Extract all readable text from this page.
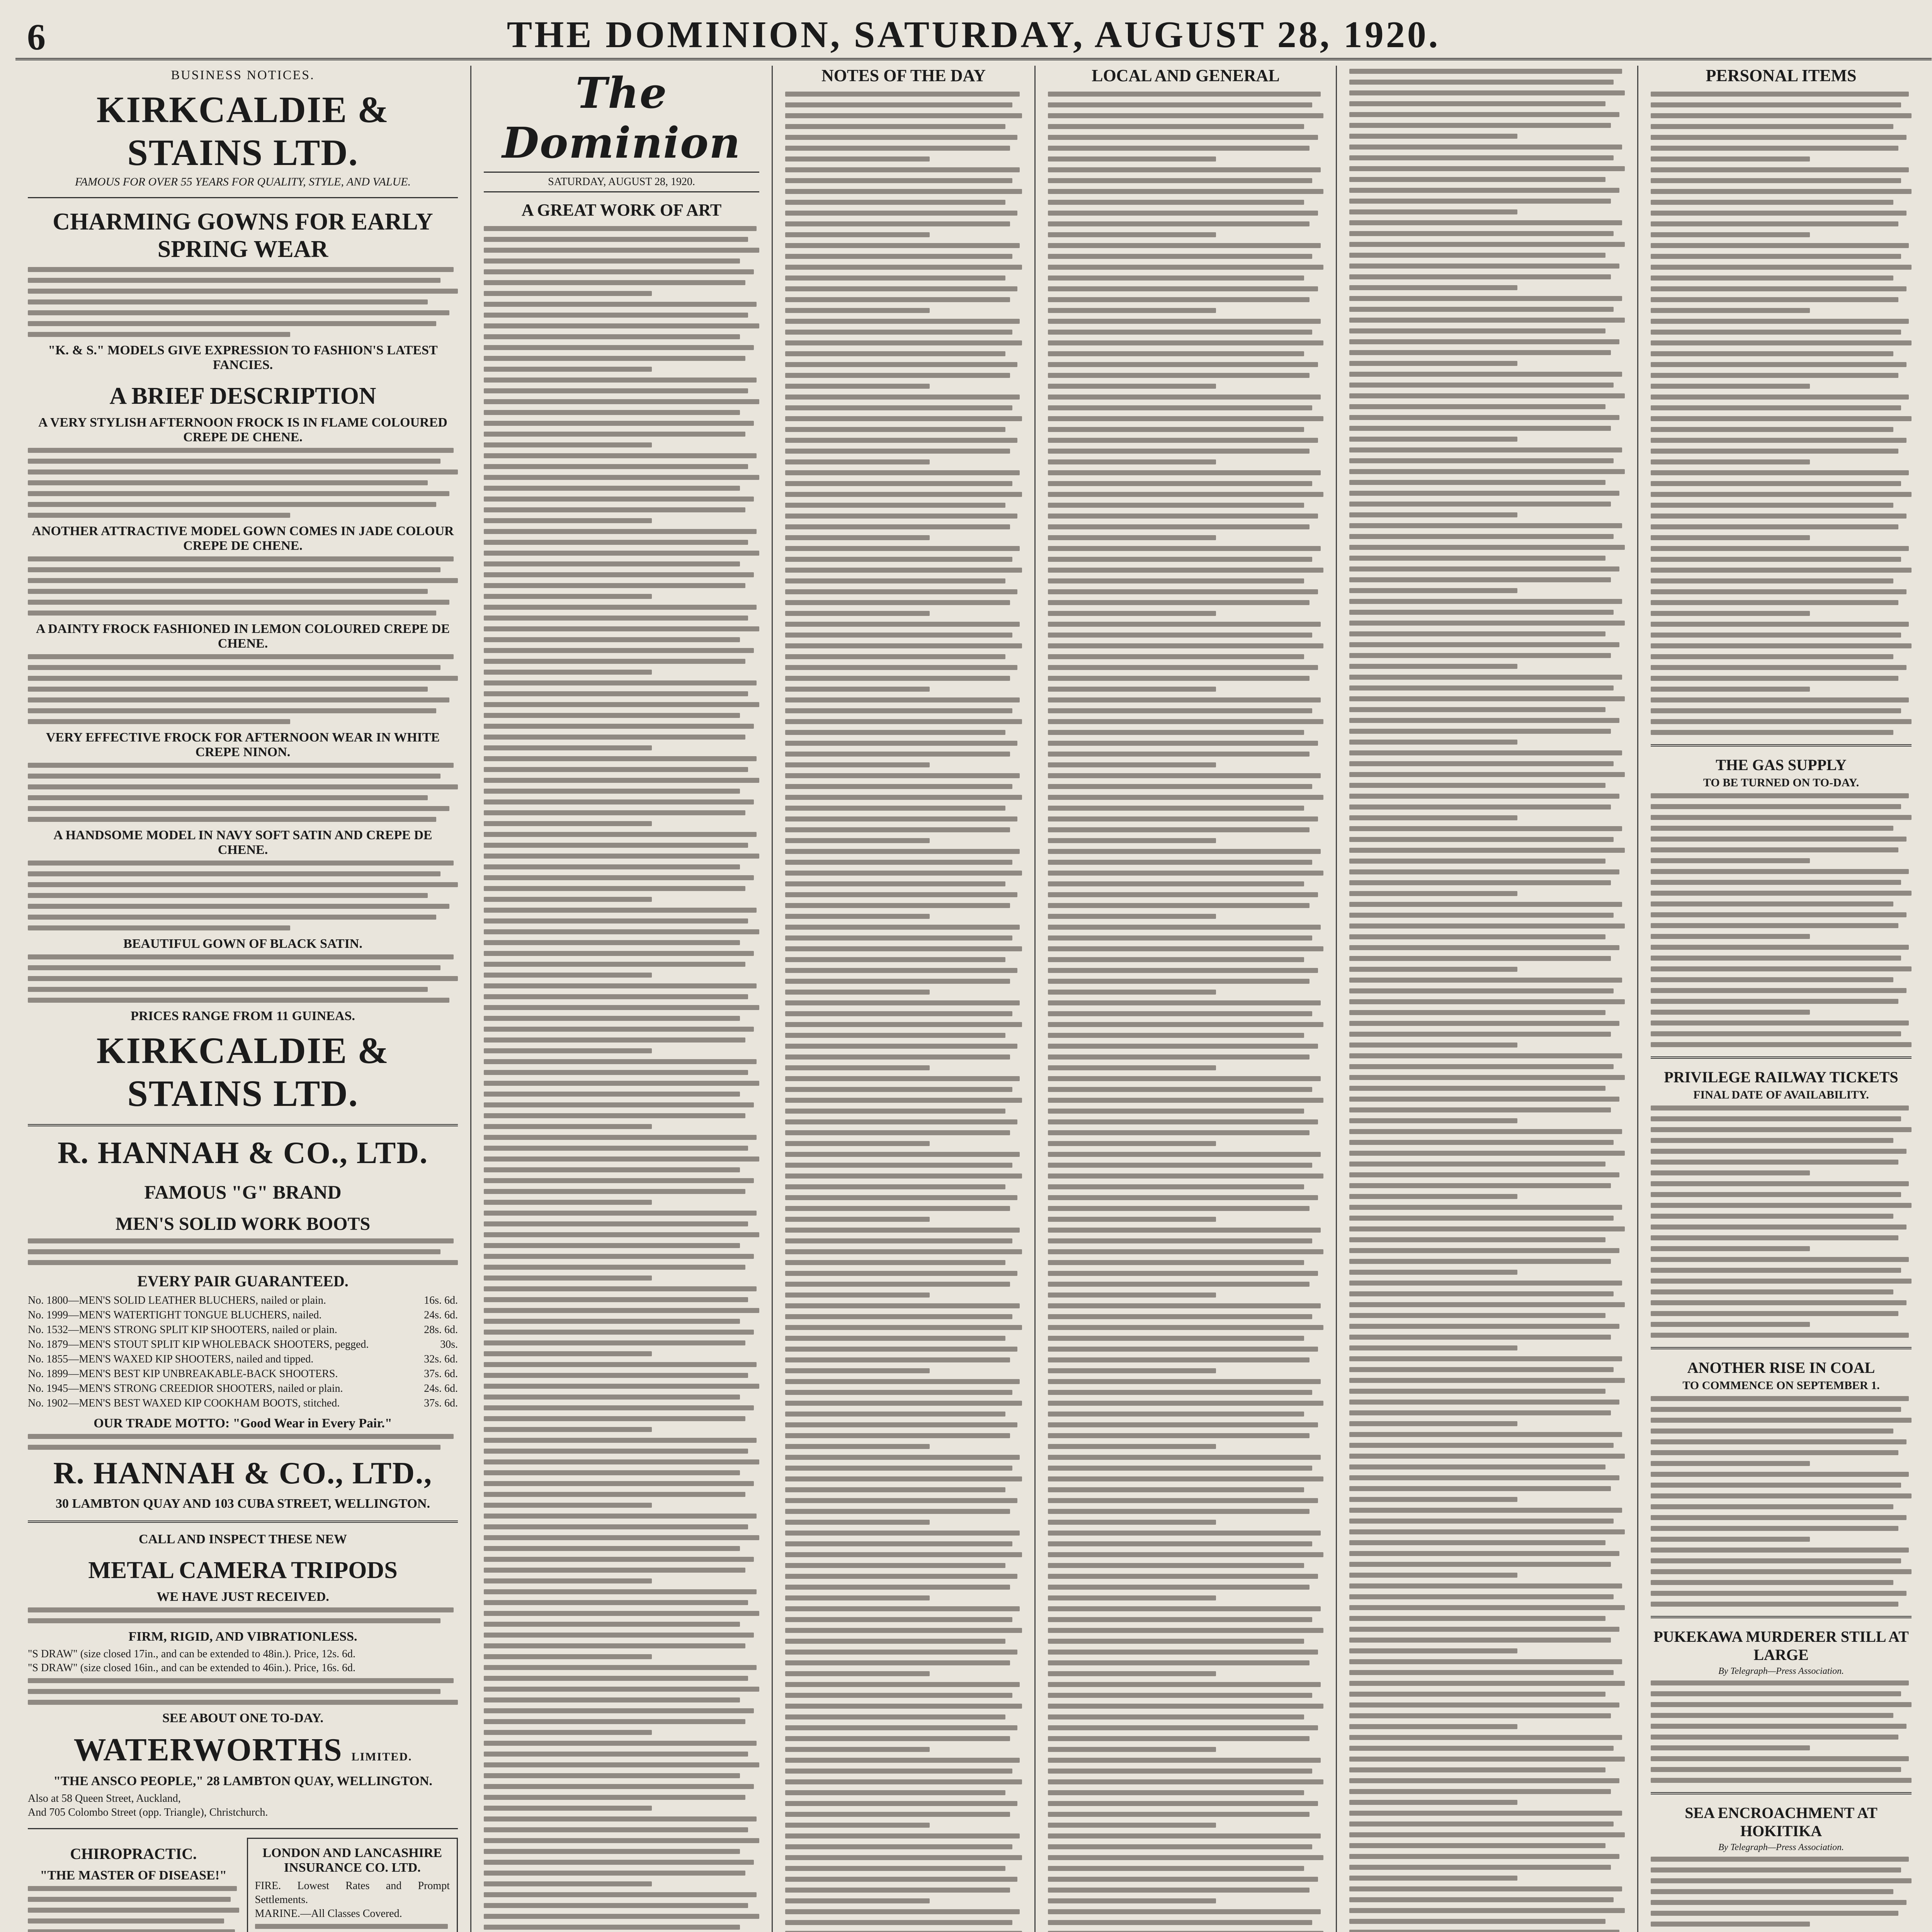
6	THE DOMINION, SATURDAY, AUGUST 28, 1920.
BUSINESS NOTICES.
KIRKCALDIE & STAINS LTD.
FAMOUS FOR OVER 55 YEARS FOR QUALITY, STYLE, AND VALUE.
CHARMING GOWNS FOR EARLY SPRING WEAR
"K. & S." MODELS GIVE EXPRESSION TO FASHION'S LATEST FANCIES.
A BRIEF DESCRIPTION
A VERY STYLISH AFTERNOON FROCK IS IN FLAME COLOURED CREPE DE CHENE.
ANOTHER ATTRACTIVE MODEL GOWN COMES IN JADE COLOUR CREPE DE CHENE.
A DAINTY FROCK FASHIONED IN LEMON COLOURED CREPE DE CHENE.
VERY EFFECTIVE FROCK FOR AFTERNOON WEAR IN WHITE CREPE NINON.
A HANDSOME MODEL IN NAVY SOFT SATIN AND CREPE DE CHENE.
BEAUTIFUL GOWN OF BLACK SATIN.
PRICES RANGE FROM 11 GUINEAS.
KIRKCALDIE & STAINS LTD.
R. HANNAH & CO., LTD.
FAMOUS "G" BRAND
MEN'S SOLID WORK BOOTS
EVERY PAIR GUARANTEED.
No. 1800—MEN'S SOLID LEATHER BLUCHERS, nailed or plain.	16s. 6d.
No. 1999—MEN'S WATERTIGHT TONGUE BLUCHERS, nailed.	24s. 6d.
No. 1532—MEN'S STRONG SPLIT KIP SHOOTERS, nailed or plain.	28s. 6d.
No. 1879—MEN'S STOUT SPLIT KIP WHOLEBACK SHOOTERS, pegged.	30s.
No. 1855—MEN'S WAXED KIP SHOOTERS, nailed and tipped.	32s. 6d.
No. 1899—MEN'S BEST KIP UNBREAKABLE-BACK SHOOTERS.	37s. 6d.
No. 1945—MEN'S STRONG CREEDIOR SHOOTERS, nailed or plain.	24s. 6d.
No. 1902—MEN'S BEST WAXED KIP COOKHAM BOOTS, stitched.	37s. 6d.
OUR TRADE MOTTO: "Good Wear in Every Pair."
R. HANNAH & CO., LTD.,
30 LAMBTON QUAY AND 103 CUBA STREET, WELLINGTON.
CALL AND INSPECT THESE NEW
METAL CAMERA TRIPODS
WE HAVE JUST RECEIVED.
FIRM, RIGID, AND VIBRATIONLESS.
"S DRAW" (size closed 17in., and can be extended to 48in.). Price, 12s. 6d.
"S DRAW" (size closed 16in., and can be extended to 46in.). Price, 16s. 6d.
SEE ABOUT ONE TO-DAY.
WATERWORTHS LIMITED.
"THE ANSCO PEOPLE," 28 LAMBTON QUAY, WELLINGTON.
Also at 58 Queen Street, Auckland,
And 705 Colombo Street (opp. Triangle), Christchurch.
CHIROPRACTIC.
"THE MASTER OF DISEASE!"
LONDON AND LANCASHIRE INSURANCE CO. LTD.
FIRE. Lowest Rates and Prompt Settlements.
MARINE.—All Classes Covered.
The Dominion
SATURDAY, AUGUST 28, 1920.
A GREAT WORK OF ART
NOTES OF THE DAY	LOCAL AND GENERAL	PERSONAL ITEMS
THE GAS SUPPLY
TO BE TURNED ON TO-DAY.
PRIVILEGE RAILWAY TICKETS
FINAL DATE OF AVAILABILITY.
ANOTHER RISE IN COAL
TO COMMENCE ON SEPTEMBER 1.
PUKEKAWA MURDERER STILL AT LARGE
By Telegraph—Press Association.
SEA ENCROACHMENT AT HOKITIKA
By Telegraph—Press Association.
